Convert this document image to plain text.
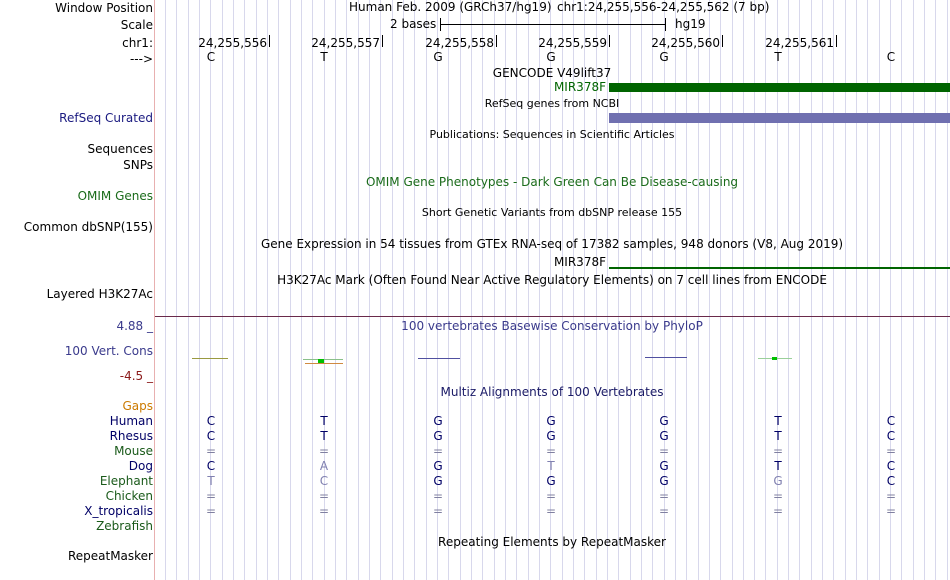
Window Position
Scale
chr1:
--->
Human Feb. 2009 (GRCh37/hg19) chr1:24,255,556-24,255,562 (7 bp)
2 bases	hg19
24,255,556	24,255,557	24,255,558	24,255,559	24,255,560	24,255,561
C	T	G	G	G	T	C
GENCODE V49lift37
MIR378F
RefSeq genes from NCBI
RefSeq Curated
Publications: Sequences in Scientific Articles
Sequences
SNPs
OMIM Gene Phenotypes - Dark Green Can Be Disease-causing
OMIM Genes
Short Genetic Variants from dbSNP release 155
Common dbSNP(155)
Gene Expression in 54 tissues from GTEx RNA-seq of 17382 samples, 948 donors (V8, Aug 2019)
MIR378F
H3K27Ac Mark (Often Found Near Active Regulatory Elements) on 7 cell lines from ENCODE
Layered H3K27Ac
100 vertebrates Basewise Conservation by PhyloP
4.88 _
100 Vert. Cons
-4.5 _
Multiz Alignments of 100 Vertebrates
Gaps
Human	C	T	G	G	G	T	C
Rhesus	C	T	G	G	G	T	C
Mouse	=	=	=	=	=	=	=
Dog	C	A	G	T	G	T	C
Elephant	T	C	G	G	G	G	C
Chicken	=	=	=	=	=	=	=
X_tropicalis	=	=	=	=	=	=	=
Zebrafish
Repeating Elements by RepeatMasker
RepeatMasker
